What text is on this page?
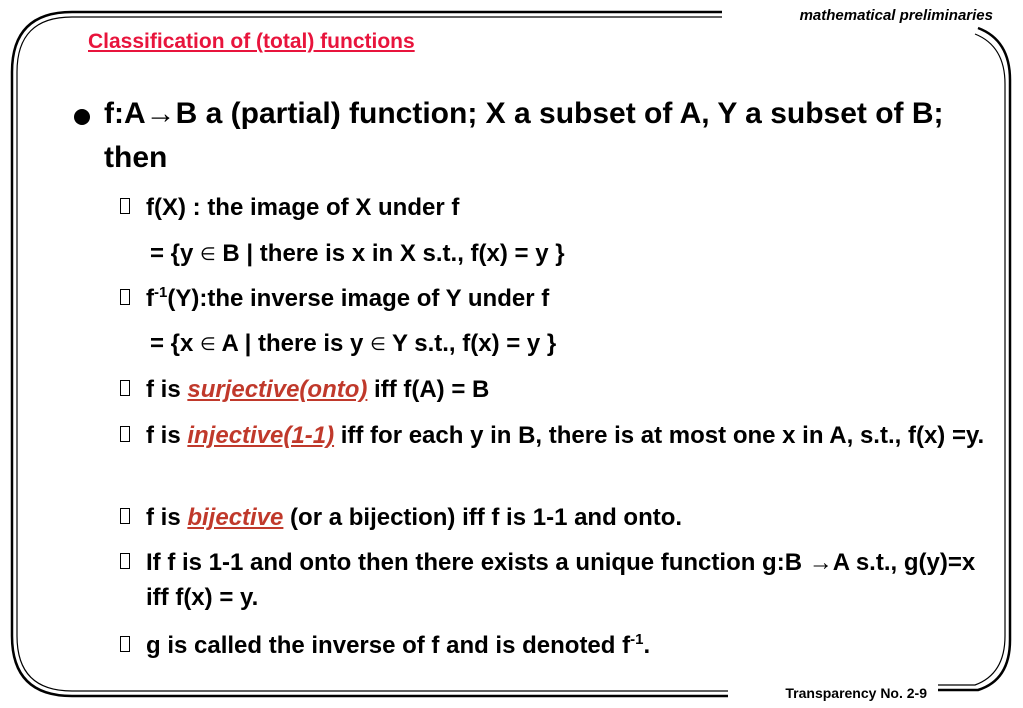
mathematical preliminaries
Classification of (total) functions
f:A→B a (partial) function; X a subset of A, Y a subset of B; then
f(X) : the image of X under f
= {y ∈ B | there is x in X s.t., f(x) = y }
$f^{-1}(Y):the$ inverse image of Y under f
= {x ∈ A | there is y ∈ Y s.t., f(x) = y }
f is surjective(onto) iff f(A) = B
f is injective(1-1) iff for each y in B, there is at most one x in A, s.t., f(x) =y.
f is bijective (or a bijection) iff f is 1-1 and onto.
If f is 1-1 and onto then there exists a unique function g:B →A s.t., g(y)=x iff f(x) = y.
g is called the inverse of f and is denoted $f^{-1}$.
Transparency No. 2-9
